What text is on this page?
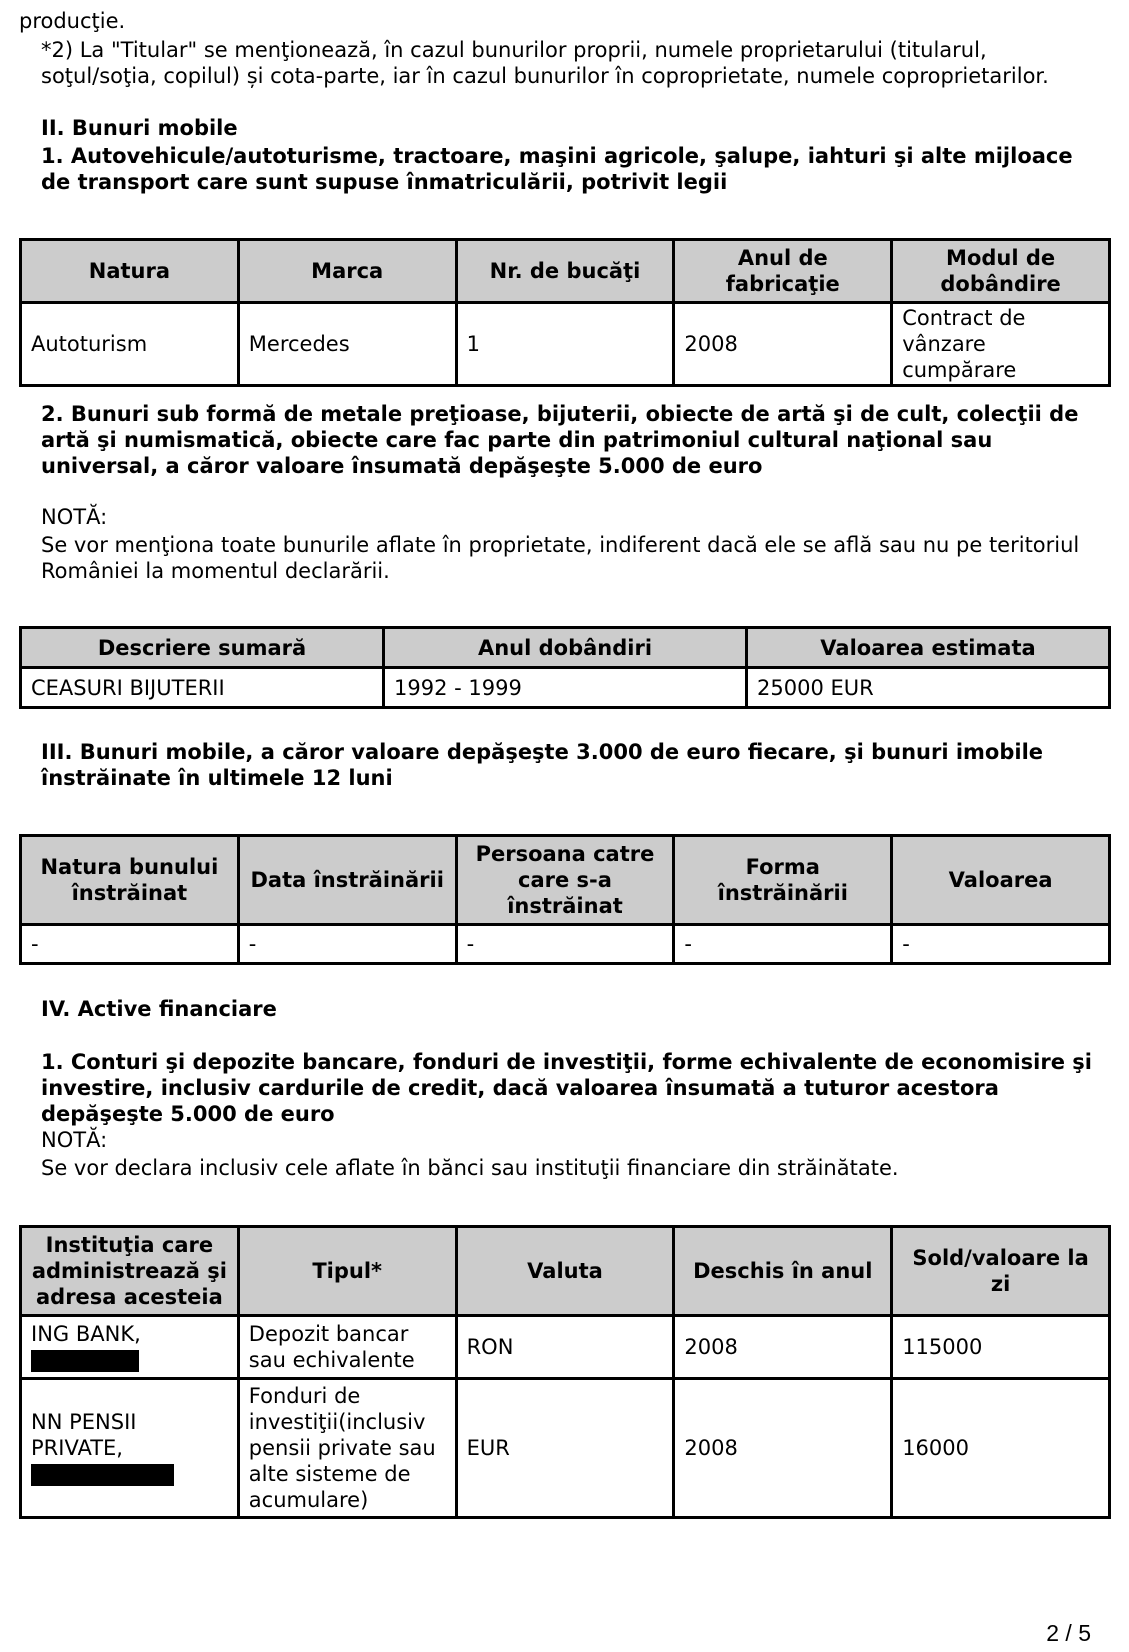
producţie.

*2) La "Titular" se menţionează, în cazul bunurilor proprii, numele proprietarului (titularul, soţul/soţia, copilul) și cota-parte, iar în cazul bunurilor în coproprietate, numele coproprietarilor.

II. Bunuri mobile

1. Autovehicule/autoturisme, tractoare, maşini agricole, şalupe, iahturi şi alte mijloace de transport care sunt supuse înmatriculării, potrivit legii

Natura	Marca	Nr. de bucăţi	Anul de fabricaţie	Modul de dobândire
Autoturism	Mercedes	1	2008	Contract de vânzare cumpărare

2. Bunuri sub formă de metale preţioase, bijuterii, obiecte de artă şi de cult, colecţii de artă şi numismatică, obiecte care fac parte din patrimoniul cultural naţional sau universal, a căror valoare însumată depăşeşte 5.000 de euro

NOTĂ:

Se vor menţiona toate bunurile aflate în proprietate, indiferent dacă ele se află sau nu pe teritoriul României la momentul declarării.

Descriere sumară	Anul dobândiri	Valoarea estimata
CEASURI BIJUTERII	1992 - 1999	25000 EUR

III. Bunuri mobile, a căror valoare depăşeşte 3.000 de euro fiecare, şi bunuri imobile înstrăinate în ultimele 12 luni

Natura bunului înstrăinat	Data înstrăinării	Persoana catre care s-a înstrăinat	Forma înstrăinării	Valoarea
-	-	-	-	-

IV. Active financiare

1. Conturi şi depozite bancare, fonduri de investiţii, forme echivalente de economisire şi investire, inclusiv cardurile de credit, dacă valoarea însumată a tuturor acestora depăşeşte 5.000 de euro

NOTĂ:

Se vor declara inclusiv cele aflate în bănci sau instituţii financiare din străinătate.

Instituţia care administrează şi adresa acesteia	Tipul*	Valuta	Deschis în anul	Sold/valoare la zi
ING BANK,	Depozit bancar sau echivalente	RON	2008	115000
NN PENSII PRIVATE,	Fonduri de investiţii(inclusiv pensii private sau alte sisteme de acumulare)	EUR	2008	16000
2 / 5
